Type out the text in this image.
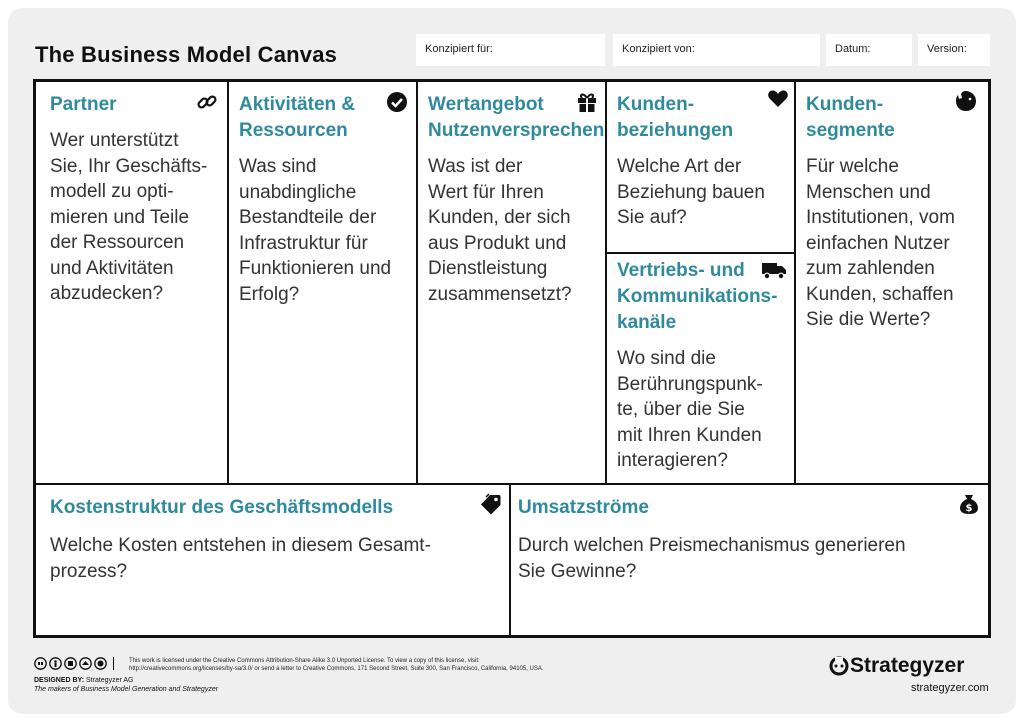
The Business Model Canvas	Konzipiert für:	Konzipiert von:	Datum:	Version:
Partner
Wer unterstützt
Sie, Ihr Geschäfts-
modell zu opti-
mieren und Teile
der Ressourcen
und Aktivitäten
abzudecken?
Aktivitäten &
Ressourcen
Was sind
unabdingliche
Bestandteile der
Infrastruktur für
Funktionieren und
Erfolg?
Wertangebot
Nutzenversprechen
Was ist der
Wert für Ihren
Kunden, der sich
aus Produkt und
Dienstleistung
zusammensetzt?
Kunden-
beziehungen
Welche Art der
Beziehung bauen
Sie auf?
Vertriebs- und
Kommunikations-
kanäle
Wo sind die
Berührungspunk-
te, über die Sie
mit Ihren Kunden
interagieren?
Kunden-
segmente
Für welche
Menschen und
Institutionen, vom
einfachen Nutzer
zum zahlenden
Kunden, schaffen
Sie die Werte?
Kostenstruktur des Geschäftsmodells
Welche Kosten entstehen in diesem Gesamt-
prozess?
Umsatzströme	$
Durch welchen Preismechanismus generieren
Sie Gewinne?
This work is licensed under the Creative Commons Attribution-Share Alike 3.0 Unported License. To view a copy of this license, visit:
http://creativecommons.org/licenses/by-sa/3.0/ or send a letter to Creative Commons, 171 Second Street, Suite 300, San Francisco, California, 94105, USA.
DESIGNED BY: Strategyzer AG
The makers of Business Model Generation and Strategyzer
Strategyzer
strategyzer.com
